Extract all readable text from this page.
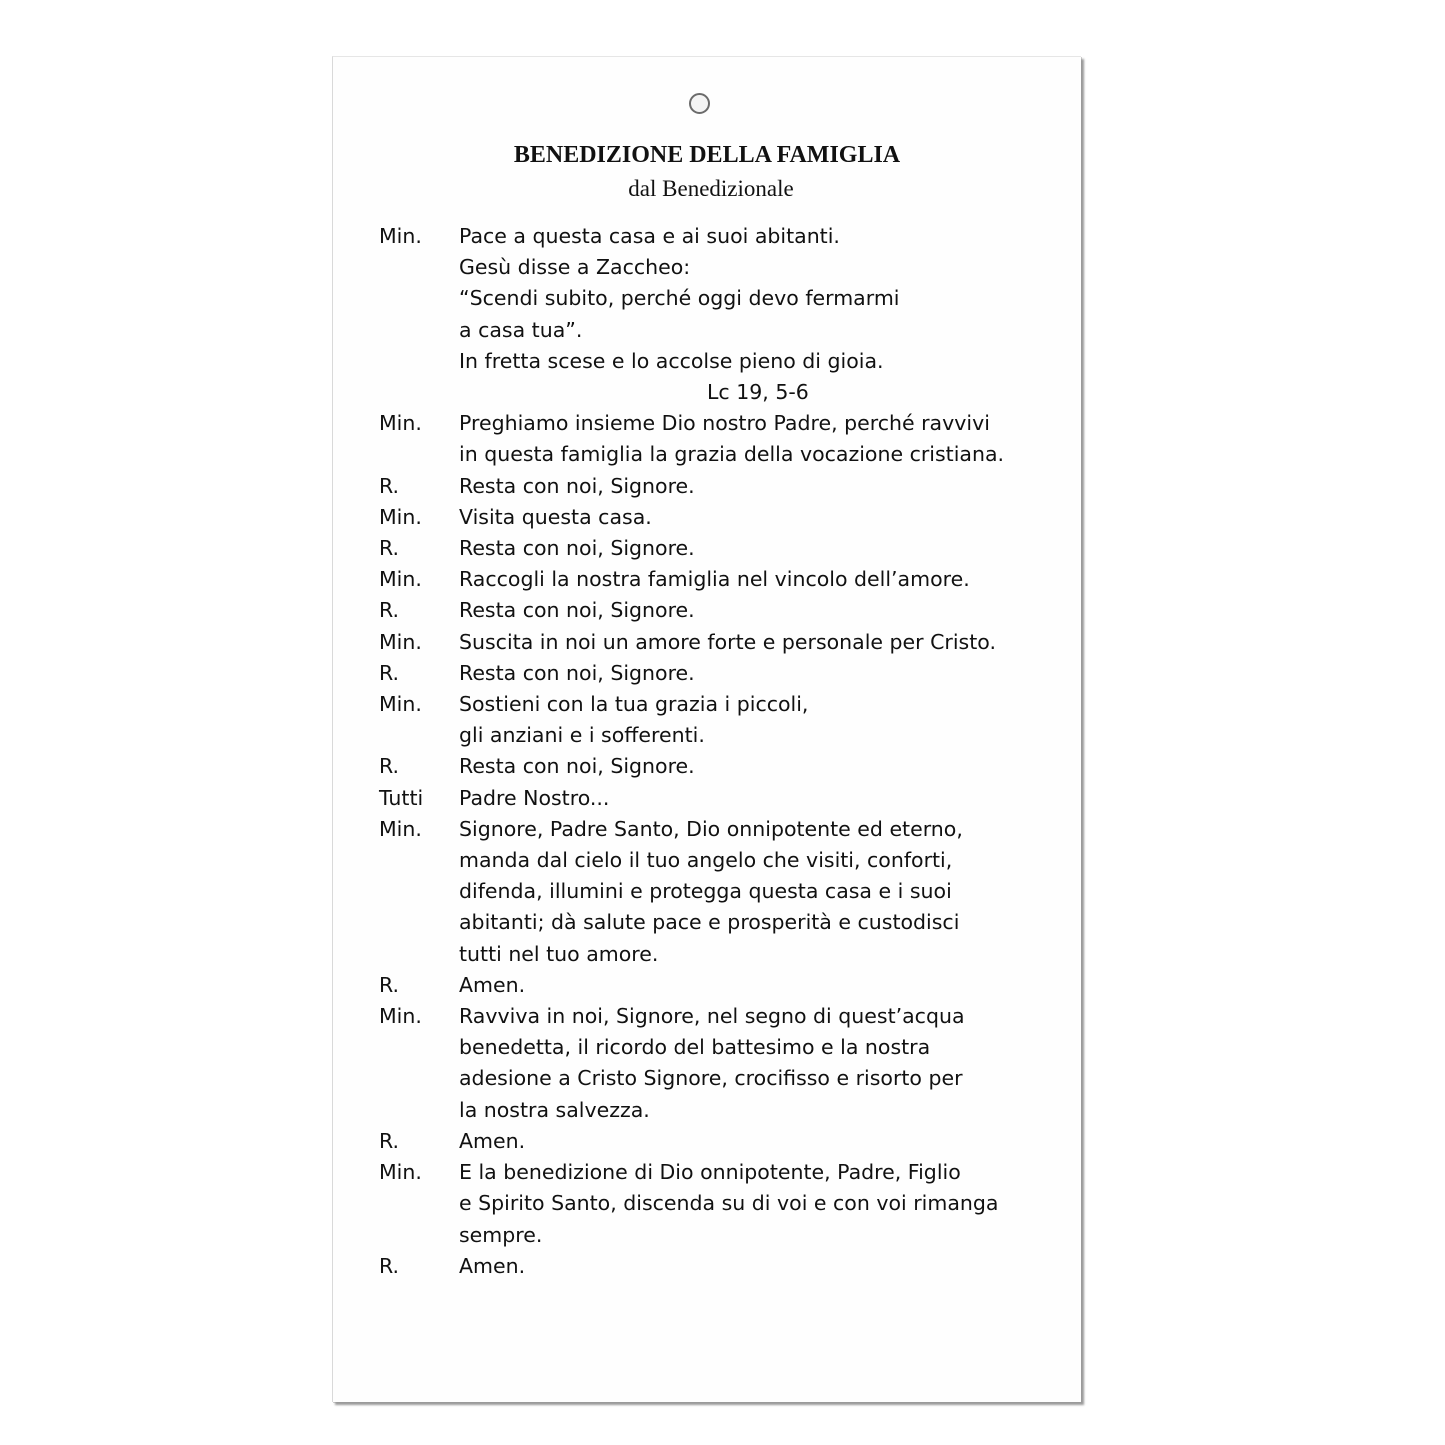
BENEDIZIONE DELLA FAMIGLIA

dal Benedizionale

Min.	Pace a questa casa e ai suoi abitanti.
Gesù disse a Zaccheo:
“Scendi subito, perché oggi devo fermarmi
a casa tua”.
In fretta scese e lo accolse pieno di gioia.
Lc 19, 5-6
Min.	Preghiamo insieme Dio nostro Padre, perché ravvivi
in questa famiglia la grazia della vocazione cristiana.
R.	Resta con noi, Signore.
Min.	Visita questa casa.
R.	Resta con noi, Signore.
Min.	Raccogli la nostra famiglia nel vincolo dell’amore.
R.	Resta con noi, Signore.
Min.	Suscita in noi un amore forte e personale per Cristo.
R.	Resta con noi, Signore.
Min.	Sostieni con la tua grazia i piccoli,
gli anziani e i sofferenti.
R.	Resta con noi, Signore.
Tutti	Padre Nostro...
Min.	Signore, Padre Santo, Dio onnipotente ed eterno,
manda dal cielo il tuo angelo che visiti, conforti,
difenda, illumini e protegga questa casa e i suoi
abitanti; dà salute pace e prosperità e custodisci
tutti nel tuo amore.
R.	Amen.
Min.	Ravviva in noi, Signore, nel segno di quest’acqua
benedetta, il ricordo del battesimo e la nostra
adesione a Cristo Signore, crocifisso e risorto per
la nostra salvezza.
R.	Amen.
Min.	E la benedizione di Dio onnipotente, Padre, Figlio
e Spirito Santo, discenda su di voi e con voi rimanga
sempre.
R.	Amen.
